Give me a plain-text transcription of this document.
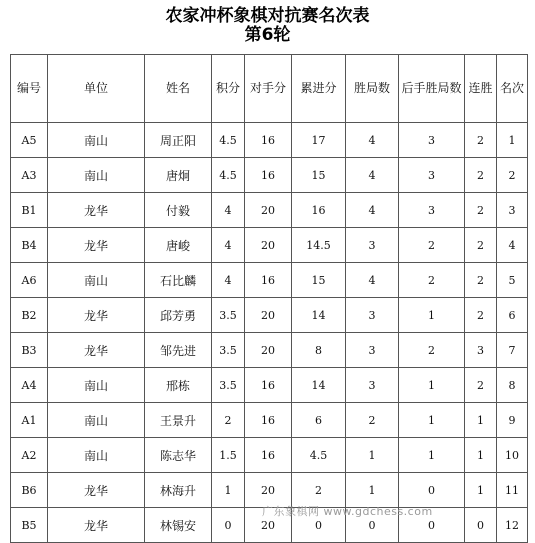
农家冲杯象棋对抗赛名次表
第6轮
编号	单位	姓名	积分	对手分	累进分	胜局数	后手胜局数	连胜	名次
A5	南山	周正阳	4.5	16	17	4	3	2	1
A3	南山	唐炯	4.5	16	15	4	3	2	2
B1	龙华	付毅	4	20	16	4	3	2	3
B4	龙华	唐峻	4	20	14.5	3	2	2	4
A6	南山	石比麟	4	16	15	4	2	2	5
B2	龙华	邱芳勇	3.5	20	14	3	1	2	6
B3	龙华	邹先进	3.5	20	8	3	2	3	7
A4	南山	邢栋	3.5	16	14	3	1	2	8
A1	南山	王景升	2	16	6	2	1	1	9
A2	南山	陈志华	1.5	16	4.5	1	1	1	10
B6	龙华	林海升	1	20	2	1	0	1	11
B5	龙华	林锡安	0	20	0	0	0	0	12
广东象棋网 www.gdchess.com
